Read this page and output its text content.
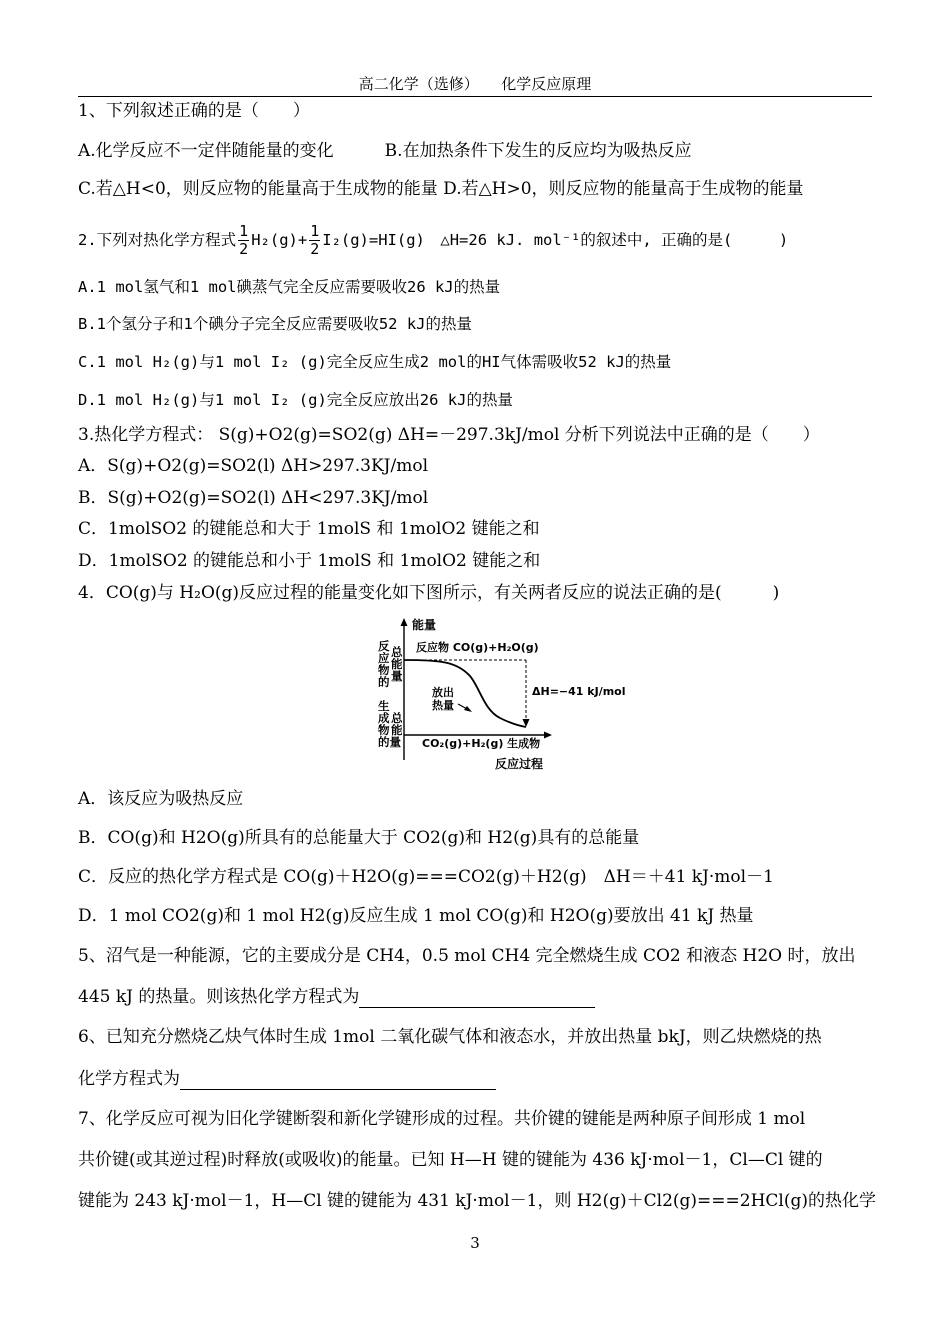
高二化学（选修）　　化学反应原理
1、下列叙述正确的是（　　）
A.化学反应不一定伴随能量的变化　　　B.在加热条件下发生的反应均为吸热反应
C.若△H<0，则反应物的能量高于生成物的能量 D.若△H>0，则反应物的能量高于生成物的能量
2.下列对热化学方程式 $\frac{1}{2} H_2(g)+ \frac{1}{2} I_2(g)=HI(g)$　△H=26 kJ. mol⁻¹的叙述中, 正确的是(　　　)
A.1 mol氢气和1 mol碘蒸气完全反应需要吸收26 kJ的热量
B.1个氢分子和1个碘分子完全反应需要吸收52 kJ的热量
C.1 mol H₂(g)与1 mol I₂ (g)完全反应生成2 mol的HI气体需吸收52 kJ的热量
D.1 mol H₂(g)与1 mol I₂ (g)完全反应放出26 kJ的热量
3.热化学方程式： S(g)+O2(g)=SO2(g) ΔH=－297.3kJ/mol 分析下列说法中正确的是（　　）
A．S(g)+O2(g)=SO2(l) ΔH>297.3KJ/mol
B．S(g)+O2(g)=SO2(l) ΔH<297.3KJ/mol
C．1molSO2 的键能总和大于 1molS 和 1molO2 键能之和
D．1molSO2 的键能总和小于 1molS 和 1molO2 键能之和
4．CO(g)与 H₂O(g)反应过程的能量变化如下图所示，有关两者反应的说法正确的是(　　　)
能量
反应过程
反
应
物
的
总
能
量
生
成
物
的量
总
能
反应物 CO(g)+H₂O(g)
CO₂(g)+H₂(g) 生成物
放出
热量
ΔH=−41 kJ/mol
A．该反应为吸热反应
B．CO(g)和 H2O(g)所具有的总能量大于 CO2(g)和 H2(g)具有的总能量
C．反应的热化学方程式是 CO(g)＋H2O(g)===CO2(g)＋H2(g)　ΔH＝＋41 kJ·mol－1
D．1 mol CO2(g)和 1 mol H2(g)反应生成 1 mol CO(g)和 H2O(g)要放出 41 kJ 热量
5、沼气是一种能源，它的主要成分是 CH4，0.5 mol CH4 完全燃烧生成 CO2 和液态 H2O 时，放出
445 kJ 的热量。则该热化学方程式为
6、已知充分燃烧乙炔气体时生成 1mol 二氧化碳气体和液态水，并放出热量 bkJ，则乙炔燃烧的热
化学方程式为
7、化学反应可视为旧化学键断裂和新化学键形成的过程。共价键的键能是两种原子间形成 1 mol
共价键(或其逆过程)时释放(或吸收)的能量。已知 H—H 键的键能为 436 kJ·mol－1，Cl—Cl 键的
键能为 243 kJ·mol－1，H—Cl 键的键能为 431 kJ·mol－1，则 H2(g)＋Cl2(g)===2HCl(g)的热化学
3
